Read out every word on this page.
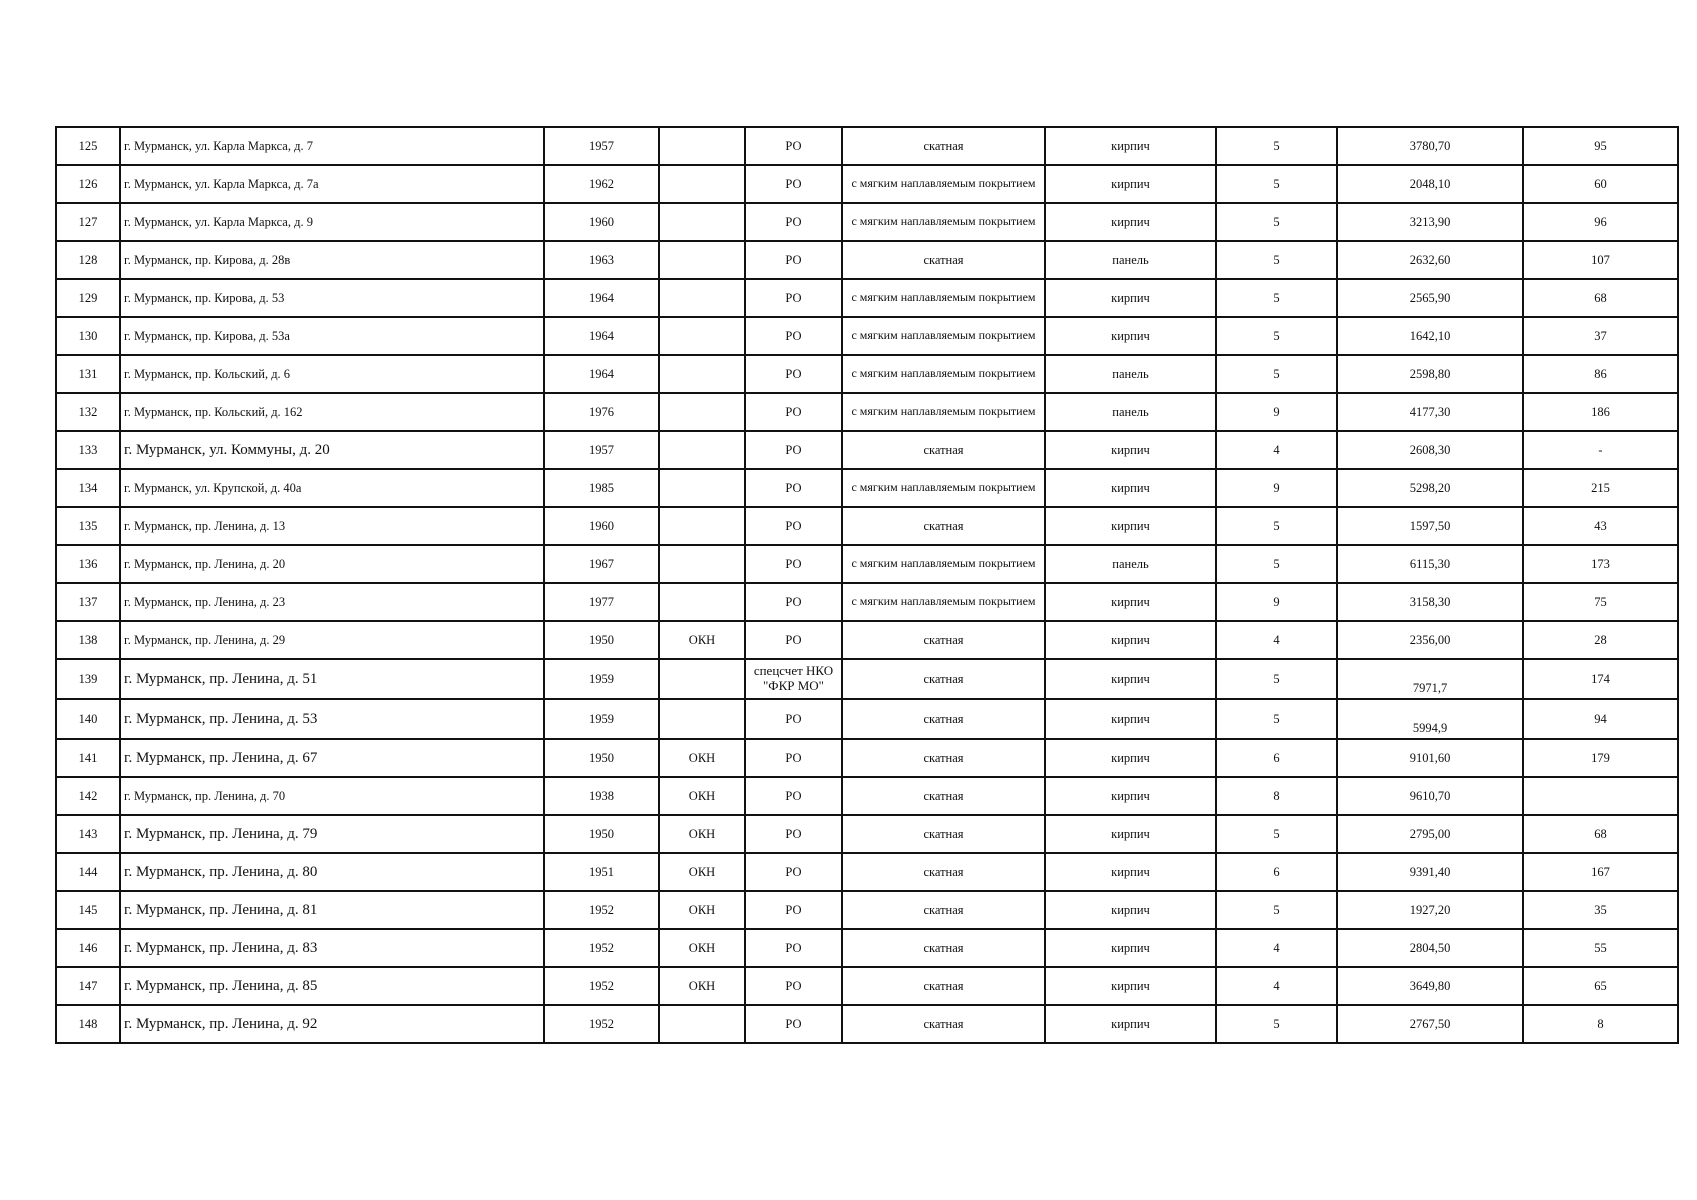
125	г. Мурманск, ул. Карла Маркса, д. 7	1957		РО	скатная	кирпич	5	3780,70	95
126	г. Мурманск, ул. Карла Маркса, д. 7а	1962		РО	с мягким наплавляемым покрытием	кирпич	5	2048,10	60
127	г. Мурманск, ул. Карла Маркса, д. 9	1960		РО	с мягким наплавляемым покрытием	кирпич	5	3213,90	96
128	г. Мурманск, пр. Кирова, д. 28в	1963		РО	скатная	панель	5	2632,60	107
129	г. Мурманск, пр. Кирова, д. 53	1964		РО	с мягким наплавляемым покрытием	кирпич	5	2565,90	68
130	г. Мурманск, пр. Кирова, д. 53а	1964		РО	с мягким наплавляемым покрытием	кирпич	5	1642,10	37
131	г. Мурманск, пр. Кольский, д. 6	1964		РО	с мягким наплавляемым покрытием	панель	5	2598,80	86
132	г. Мурманск, пр. Кольский, д. 162	1976		РО	с мягким наплавляемым покрытием	панель	9	4177,30	186
133	г. Мурманск, ул. Коммуны, д. 20	1957		РО	скатная	кирпич	4	2608,30	-
134	г. Мурманск, ул. Крупской, д. 40а	1985		РО	с мягким наплавляемым покрытием	кирпич	9	5298,20	215
135	г. Мурманск, пр. Ленина, д. 13	1960		РО	скатная	кирпич	5	1597,50	43
136	г. Мурманск, пр. Ленина, д. 20	1967		РО	с мягким наплавляемым покрытием	панель	5	6115,30	173
137	г. Мурманск, пр. Ленина, д. 23	1977		РО	с мягким наплавляемым покрытием	кирпич	9	3158,30	75
138	г. Мурманск, пр. Ленина, д. 29	1950	ОКН	РО	скатная	кирпич	4	2356,00	28
139	г. Мурманск, пр. Ленина, д. 51	1959		спецсчет НКО "ФКР МО"	скатная	кирпич	5	7971,7	174
140	г. Мурманск, пр. Ленина, д. 53	1959		РО	скатная	кирпич	5	5994,9	94
141	г. Мурманск, пр. Ленина, д. 67	1950	ОКН	РО	скатная	кирпич	6	9101,60	179
142	г. Мурманск, пр. Ленина, д. 70	1938	ОКН	РО	скатная	кирпич	8	9610,70	
143	г. Мурманск, пр. Ленина, д. 79	1950	ОКН	РО	скатная	кирпич	5	2795,00	68
144	г. Мурманск, пр. Ленина, д. 80	1951	ОКН	РО	скатная	кирпич	6	9391,40	167
145	г. Мурманск, пр. Ленина, д. 81	1952	ОКН	РО	скатная	кирпич	5	1927,20	35
146	г. Мурманск, пр. Ленина, д. 83	1952	ОКН	РО	скатная	кирпич	4	2804,50	55
147	г. Мурманск, пр. Ленина, д. 85	1952	ОКН	РО	скатная	кирпич	4	3649,80	65
148	г. Мурманск, пр. Ленина, д. 92	1952		РО	скатная	кирпич	5	2767,50	8
